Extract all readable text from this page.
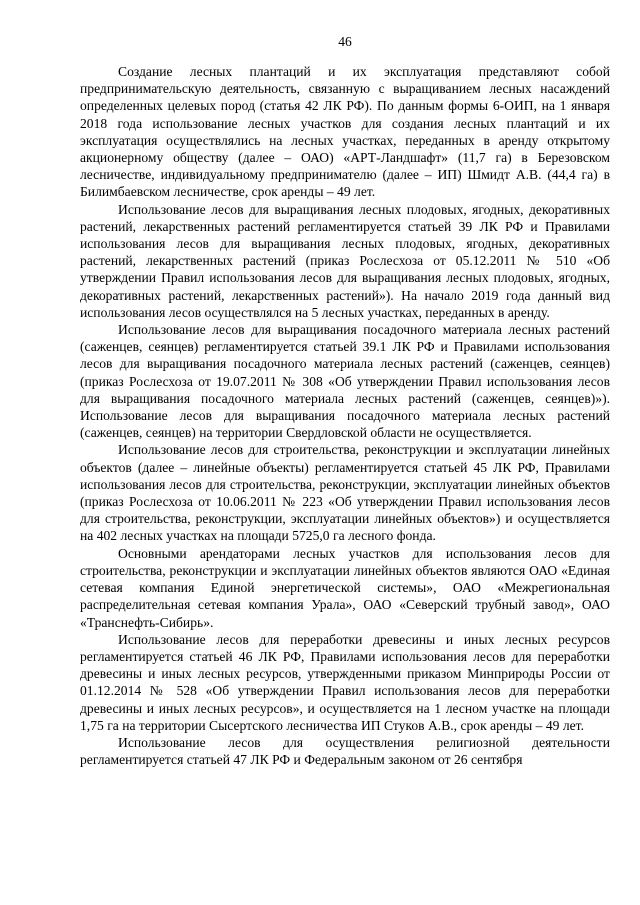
46

Создание лесных плантаций и их эксплуатация представляют собой предпринимательскую деятельность, связанную с выращиванием лесных насаждений определенных целевых пород (статья 42 ЛК РФ). По данным формы 6-ОИП, на 1 января 2018 года использование лесных участков для создания лесных плантаций и их эксплуатация осуществлялись на лесных участках, переданных в аренду открытому акционерному обществу (далее – ОАО) «АРТ-Ландшафт» (11,7 га) в Березовском лесничестве, индивидуальному предпринимателю (далее – ИП) Шмидт А.В. (44,4 га) в Билимбаевском лесничестве, срок аренды – 49 лет.

Использование лесов для выращивания лесных плодовых, ягодных, декоративных растений, лекарственных растений регламентируется статьей 39 ЛК РФ и Правилами использования лесов для выращивания лесных плодовых, ягодных, декоративных растений, лекарственных растений (приказ Рослесхоза от 05.12.2011 № 510 «Об утверждении Правил использования лесов для выращивания лесных плодовых, ягодных, декоративных растений, лекарственных растений»). На начало 2019 года данный вид использования лесов осуществлялся на 5 лесных участках, переданных в аренду.

Использование лесов для выращивания посадочного материала лесных растений (саженцев, сеянцев) регламентируется статьей 39.1 ЛК РФ и Правилами использования лесов для выращивания посадочного материала лесных растений (саженцев, сеянцев) (приказ Рослесхоза от 19.07.2011 № 308 «Об утверждении Правил использования лесов для выращивания посадочного материала лесных растений (саженцев, сеянцев)»). Использование лесов для выращивания посадочного материала лесных растений (саженцев, сеянцев) на территории Свердловской области не осуществляется.

Использование лесов для строительства, реконструкции и эксплуатации линейных объектов (далее – линейные объекты) регламентируется статьей 45 ЛК РФ, Правилами использования лесов для строительства, реконструкции, эксплуатации линейных объектов (приказ Рослесхоза от 10.06.2011 № 223 «Об утверждении Правил использования лесов для строительства, реконструкции, эксплуатации линейных объектов») и осуществляется на 402 лесных участках на площади 5725,0 га лесного фонда.

Основными арендаторами лесных участков для использования лесов для строительства, реконструкции и эксплуатации линейных объектов являются ОАО «Единая сетевая компания Единой энергетической системы», ОАО «Межрегиональная распределительная сетевая компания Урала», ОАО «Северский трубный завод», ОАО «Транснефть-Сибирь».

Использование лесов для переработки древесины и иных лесных ресурсов регламентируется статьей 46 ЛК РФ, Правилами использования лесов для переработки древесины и иных лесных ресурсов, утвержденными приказом Минприроды России от 01.12.2014 № 528 «Об утверждении Правил использования лесов для переработки древесины и иных лесных ресурсов», и осуществляется на 1 лесном участке на площади 1,75 га на территории Сысертского лесничества ИП Стуков А.В., срок аренды – 49 лет.

Использование лесов для осуществления религиозной деятельности регламентируется статьей 47 ЛК РФ и Федеральным законом от 26 сентября
